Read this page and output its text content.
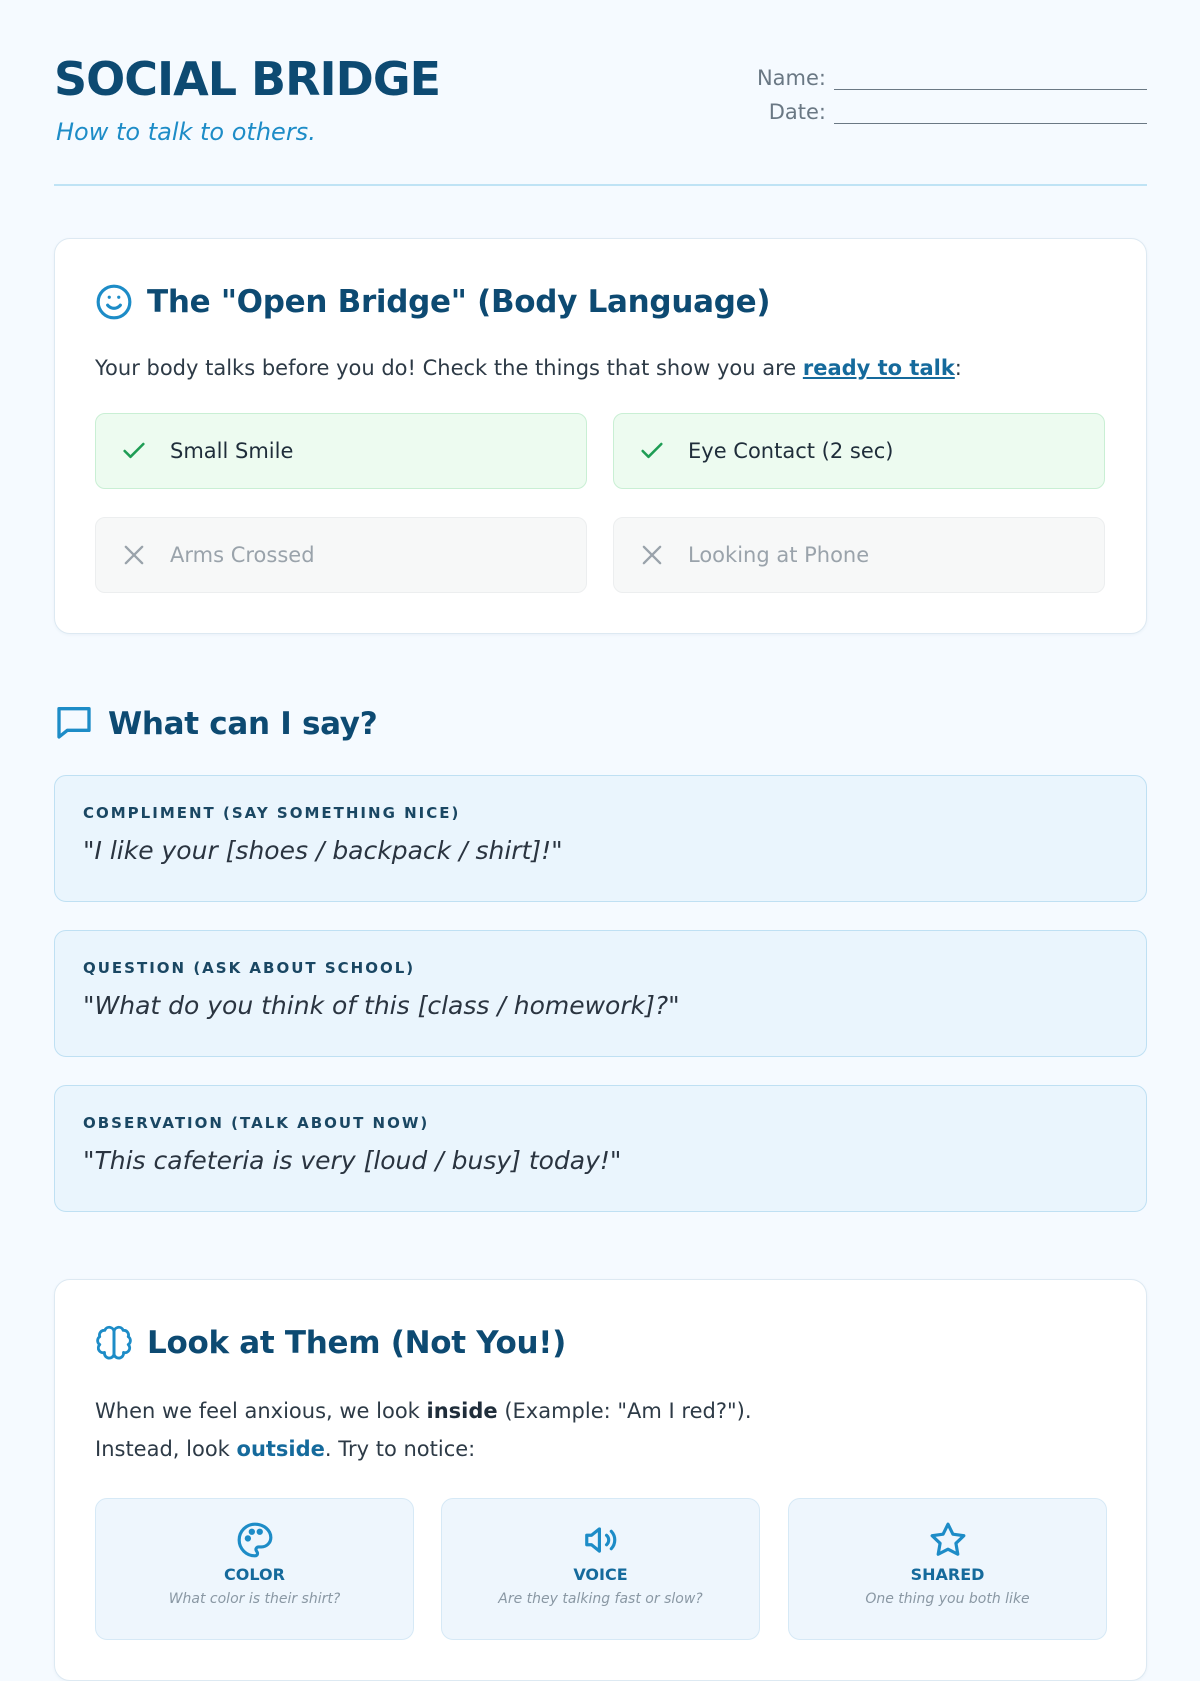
SOCIAL BRIDGE
How to talk to others.
Name:
Date:
The "Open Bridge" (Body Language)
Your body talks before you do! Check the things that show you are ready to talk:
Small Smile	Eye Contact (2 sec)
Arms Crossed	Looking at Phone
What can I say?
COMPLIMENT (SAY SOMETHING NICE)
"I like your [shoes / backpack / shirt]!"
QUESTION (ASK ABOUT SCHOOL)
"What do you think of this [class / homework]?"
OBSERVATION (TALK ABOUT NOW)
"This cafeteria is very [loud / busy] today!"
Look at Them (Not You!)
When we feel anxious, we look inside (Example: "Am I red?").
Instead, look outside. Try to notice:
COLOR
What color is their shirt?
VOICE
Are they talking fast or slow?
SHARED
One thing you both like
